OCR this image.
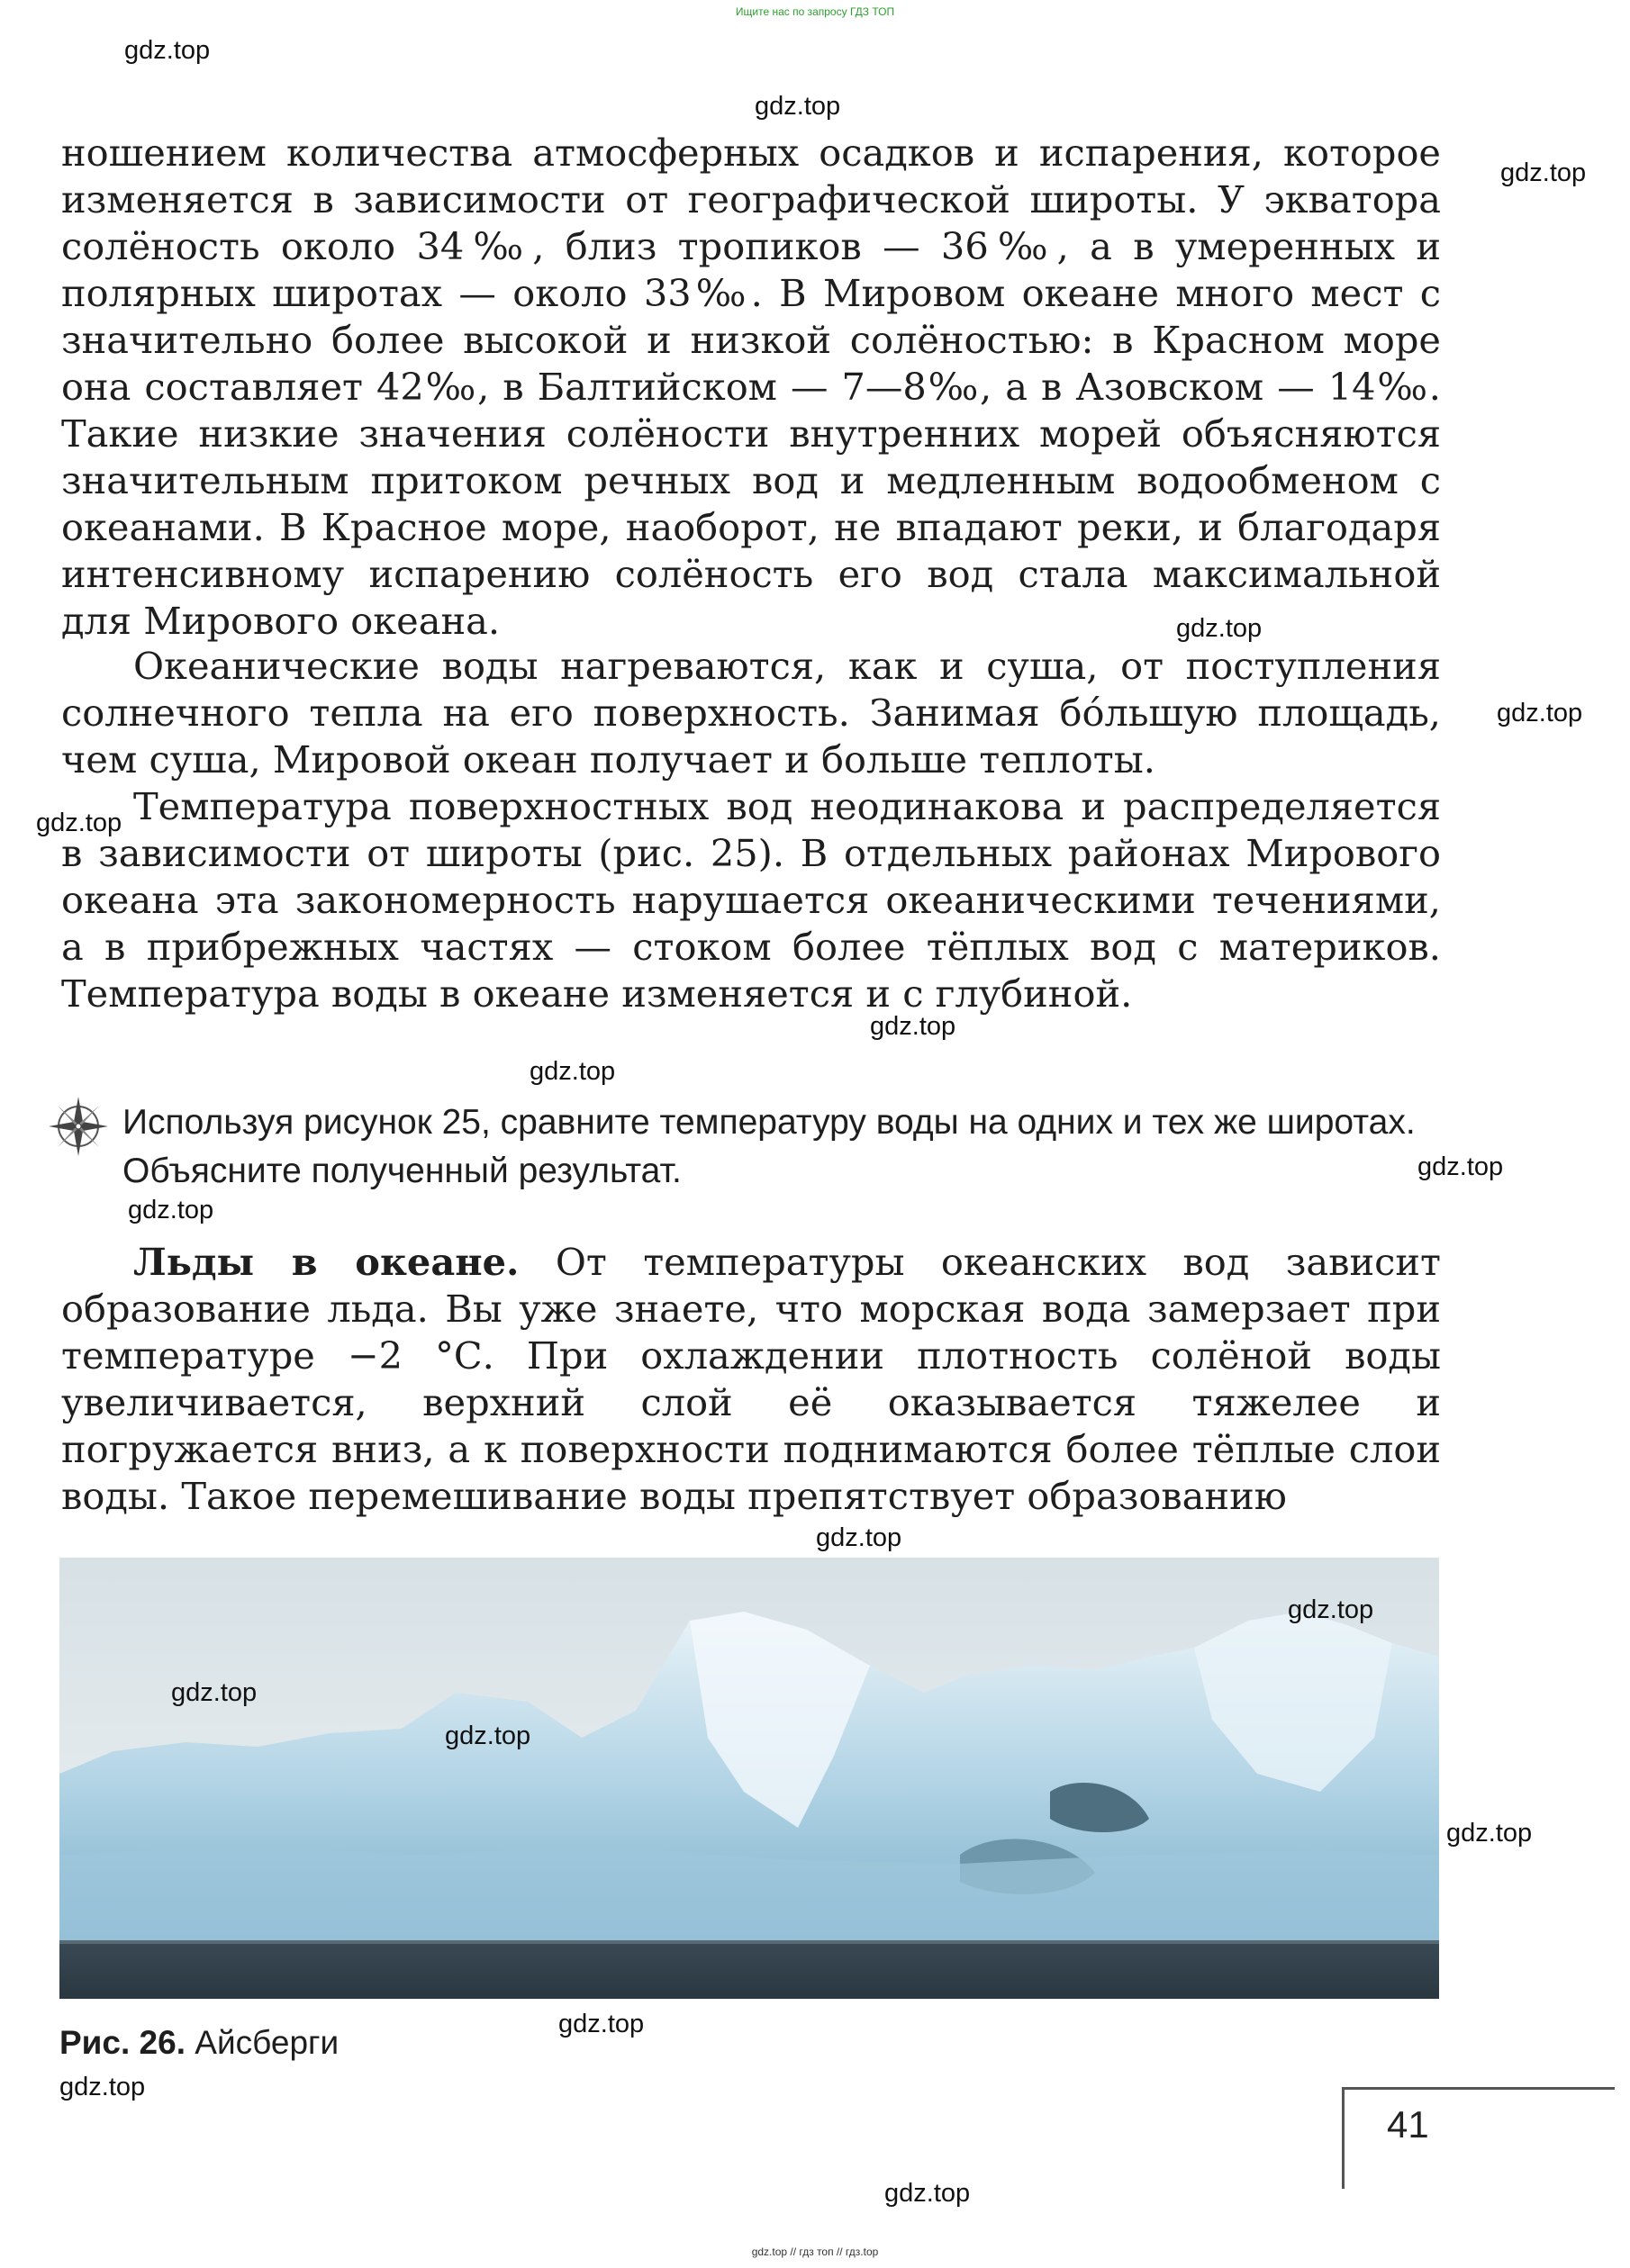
Ищите нас по запросу ГДЗ ТОП

ношением количества атмосферных осадков и испарения, которое изменяется в зависимости от географической широты. У экватора солёность около 34‰, близ тропиков — 36‰, а в умеренных и полярных широтах — около 33‰. В Мировом океане много мест с значительно более высокой и низкой солёностью: в Красном море она составляет 42‰, в Балтийском — 7—8‰, а в Азовском — 14‰. Такие низкие значения солёности внутренних морей объясняются значительным притоком речных вод и медленным водообменом с океанами. В Красное море, наоборот, не впадают реки, и благодаря интенсивному испарению солёность его вод стала максимальной для Мирового океана.

Океанические воды нагреваются, как и суша, от поступления солнечного тепла на его поверхность. Занимая бо́льшую площадь, чем суша, Мировой океан получает и больше теплоты.

Температура поверхностных вод неодинакова и распределяется в зависимости от широты (рис. 25). В отдельных районах Мирового океана эта закономерность нарушается океаническими течениями, а в прибрежных частях — стоком более тёплых вод с материков. Температура воды в океане изменяется и с глубиной.

Используя рисунок 25, сравните температуру воды на одних и тех же широтах. Объясните полученный результат.

Льды в океане. От температуры океанских вод зависит образование льда. Вы уже знаете, что морская вода замерзает при температуре −2 °С. При охлаждении плотность солёной воды увеличивается, верхний слой её оказывается тяжелее и погружается вниз, а к поверхности поднимаются более тёплые слои воды. Такое перемешивание воды препятствует образованию

Рис. 26. Айсберги
41
gdz.top
gdz.top
gdz.top
gdz.top
gdz.top
gdz.top
gdz.top
gdz.top
gdz.top
gdz.top
gdz.top
gdz.top
gdz.top
gdz.top
gdz.top
gdz.top
gdz.top
gdz.top
gdz.top // гдз топ // гдз.top
